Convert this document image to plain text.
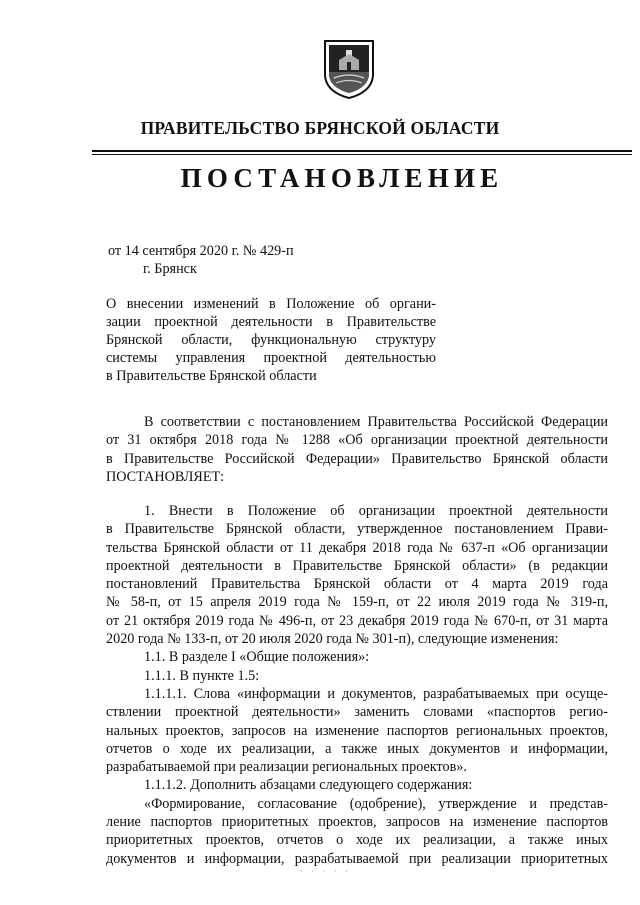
ПРАВИТЕЛЬСТВО БРЯНСКОЙ ОБЛАСТИ
ПОСТАНОВЛЕНИЕ
от 14 сентября 2020 г. № 429-п
г. Брянск
О внесении изменений в Положение об органи-
зации проектной деятельности в Правительстве
Брянской области, функциональную структуру
системы управления проектной деятельностью
в Правительстве Брянской области
В соответствии с постановлением Правительства Российской Федерации
от 31 октября 2018 года № 1288 «Об организации проектной деятельности
в Правительстве Российской Федерации» Правительство Брянской области
ПОСТАНОВЛЯЕТ:
1. Внести в Положение об организации проектной деятельности
в Правительстве Брянской области, утвержденное постановлением Прави-
тельства Брянской области от 11 декабря 2018 года № 637-п «Об организации
проектной деятельности в Правительстве Брянской области» (в редакции
постановлений Правительства Брянской области от 4 марта 2019 года
№ 58-п, от 15 апреля 2019 года № 159-п, от 22 июля 2019 года № 319-п,
от 21 октября 2019 года № 496-п, от 23 декабря 2019 года № 670-п, от 31 марта
2020 года № 133-п, от 20 июля 2020 года № 301-п), следующие изменения:
1.1. В разделе I «Общие положения»:
1.1.1. В пункте 1.5:
1.1.1.1. Слова «информации и документов, разрабатываемых при осуще-
ствлении проектной деятельности» заменить словами «паспортов регио-
нальных проектов, запросов на изменение паспортов региональных проектов,
отчетов о ходе их реализации, а также иных документов и информации,
разрабатываемой при реализации региональных проектов».
1.1.1.2. Дополнить абзацами следующего содержания:
«Формирование, согласование (одобрение), утверждение и представ-
ление паспортов приоритетных проектов, запросов на изменение паспортов
приоритетных проектов, отчетов о ходе их реализации, а также иных
документов и информации, разрабатываемой при реализации приоритетных
· · · · ·
